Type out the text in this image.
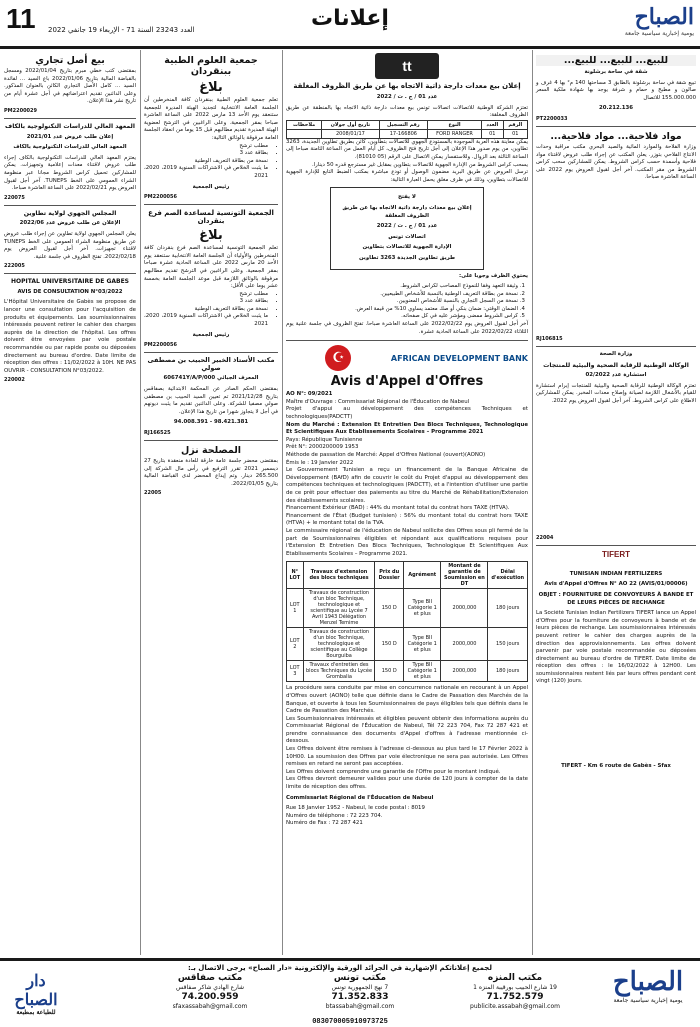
11 العدد 23243 السنة 71 - الإربعاء 19 جانفي 2022	إعلانات	الصباح
يومية إخبارية سياسية جامعة
للبيع... للبيع... للبيع...
شقة في ساحة برشلونة
تبيع شقة في ساحة برشلونة بالطابق 3 مساحتها 140 م² بها 4 غرف و صالون و مطبخ و حمام و شرفة يوجد بها شهادة ملكية السعر 155.000.000 للاتصال
20.212.136
PT2200033
مواد فلاحية... مواد فلاحية...
وزارة الفلاحة والموارد المائية والصيد البحري مكتب مراقبة وحدات الانتاج الفلاحي بتوزر. يعلن المكتب عن إجراء طلب عروض لاقتناء مواد فلاحية وأسمدة حسب كراس الشروط. يمكن للمشاركين سحب كراس الشروط من مقر المكتب. آخر أجل لقبول العروض يوم 2022 على الساعة العاشرة صباحا.
RJ106815
وزارة الصحة
الوكالة الوطنية للرقابة الصحية والبيئية للمنتجات
استشارة عدد 02/2022
تعتزم الوكالة الوطنية للرقابة الصحية والبيئية للمنتجات إبرام استشارة للقيام بالأشغال اللازمة لصيانة وإصلاح معدات المخبر. يمكن للمشاركين الاطلاع على كراس الشروط. آخر أجل لقبول العروض يوم 2022.
22004
TIFERT
TUNISIAN INDIAN FERTILIZERS
Avis d'Appel d'Offres N° AO 22 (AVIS/01/00006)
OBJET : FOURNITURE DE CONVOYEURS À BANDE ET DE LEURS PIÈCES DE RECHANGE
La Société Tunisian Indian Fertilizers TIFERT lance un Appel d'Offres pour la fourniture de convoyeurs à bande et de leurs pièces de rechange. Les soumissionnaires intéressés peuvent retirer le cahier des charges auprès de la direction des approvisionnements. Les offres doivent parvenir par voie postale recommandée ou déposées directement au bureau d'ordre de TIFERT. Date limite de réception des offres : le 16/02/2022 à 12H00. Les soumissionnaires restent liés par leurs offres pendant cent vingt (120) jours.
TIFERT - Km 6 route de Gabès - Sfax
tt
إعلان بيع معدات دارجة ذاتية الاتجاه بها عن طريق الظروف المغلقة
عدد 01 / ج . ت / 2022
تعتزم الشركة الوطنية للاتصالات اتصالات تونس بيع معدات دارجة ذاتية الاتجاه بها بالمنطقة عن طريق الظروف المغلقة:
الرقم	العدد	النوع	رقم التسجيل	تاريخ أول جولان	ملاحظات
01	01	FORD RANGER	17-166806	2008/01/17	
يمكن معاينة هذه العربة الموجودة بالمستودع الجهوي للاتصالات بتطاوين، كائن بطريق تطاوين الجديدة، 3263 تطاوين، من يوم صدور هذا الإعلان إلى أجل تاريخ فتح الظروف، كل أيام العمل من الساعة الثامنة صباحا إلى الساعة الثالثة بعد الزوال. وللاستفسار يمكن الاتصال على الرقم (05 81010).
يسحب كراس الشروط من الإدارة الجهوية للاتصالات بتطاوين بمقابل غير مسترجع قدره 50 دينارا.
ترسل العروض عن طريق البريد مضمون الوصول أو تودع مباشرة بمكتب الضبط التابع للإدارة الجهوية للاتصالات بتطاوين، وذلك في ظرف مغلق يحمل العبارة التالية:
لا يفتح
إعلان بيع معدات دارجة ذاتية الاتجاه بها عن طريق الظروف المغلقة
عدد 01 / ج . ت / 2022
اتصالات تونس
الإدارة الجهوية للاتصالات بتطاوين
طريق تطاوين الجديدة 3263 تطاوين
يحتوي الظرف وجوبا على:
1. وثيقة التعهد وفقا للنموذج المصاحب لكراس الشروط.
2. نسخة من بطاقة التعريف الوطنية بالنسبة للأشخاص الطبيعيين.
3. نسخة من السجل التجاري بالنسبة للأشخاص المعنويين.
4. الضمان الوقتي: ضمان بنكي أو صك معتمد يساوي 10% من قيمة العرض.
5. كراس الشروط ممضى ومؤشر عليه في كل صفحاته.
آخر أجل لقبول العروض يوم 2022/02/22 على الساعة العاشرة صباحا. تفتح الظروف في جلسة علنية يوم الثلاثاء 2022/02/22 على الساعة الحادية عشرة.
☪	AFRICAN DEVELOPMENT BANK
Avis d'Appel d'Offres
AO N°: 09/2021
Maître d'Ouvrage : Commissariat Régional de l'Éducation de Nabeul
Projet d'appui au développement des compétences Techniques et technologiques(PADCTT)
Nom du Marché : Extension Et Entretien Des Blocs Techniques, Technologique Et Scientifiques Aux Etablissements Scolaires – Programme 2021
Pays: République Tunisienne
Prêt N°: 2000200009 1953
Méthode de passation de Marché: Appel d'Offres National (ouvert)(AONO)
Émis le : 19 Janvier 2022
Le Gouvernement Tunisien a reçu un financement de la Banque Africaine de Développement (BAfD) afin de couvrir le coût du Projet d'appui au développement des compétences techniques et technologiques (PADCTT), et a l'intention d'utiliser une partie de ce prêt pour effectuer des paiements au titre du Marché de Réhabilitation/Extension des établissements scolaires.
Financement Extérieur (BAD) : 44% du montant total du contrat hors TAXE (HTVA).
Financement de l'État (Budget tunisien) : 56% du montant total du contrat hors TAXE (HTVA) + le montant total de la TVA.
Le commissaire régional de l'éducation de Nabeul sollicite des Offres sous pli fermé de la part de Soumissionnaires éligibles et répondant aux qualifications requises pour l'Extension Et Entretien Des Blocs Techniques, Technologique Et Scientifiques Aux Etablissements Scolaires – Programme 2021.
N° LOT	Travaux d'extension des blocs techniques	Prix du Dossier	Agrément	Montant de garantie de Soumission en DT	Délai d'exécution
LOT 1	Travaux de construction d'un bloc Technique, technologique et scientifique au Lycée 7 Avril 1943 Délégation Menzel Temime	150 D	Type BII Catégorie 1 et plus	2000,000	180 jours
LOT 2	Travaux de construction d'un bloc Technique, technologique et scientifique au Collège Bourguiba	150 D	Type BII Catégorie 1 et plus	2000,000	150 jours
LOT 3	Travaux d'entretien des blocs Techniques du Lycée Grombalia	150 D	Type BII Catégorie 1 et plus	2000,000	180 jours
La procédure sera conduite par mise en concurrence nationale en recourant à un Appel d'Offres ouvert (AONO) telle que définie dans le Cadre de Passation des Marchés de la Banque, et ouverte à tous les Soumissionnaires de pays éligibles tels que définis dans le Cadre de Passation des Marchés.
Les Soumissionnaires intéressés et éligibles peuvent obtenir des informations auprès du Commissariat Régional de l'Éducation de Nabeul, Tél 72 223 704, Fax 72 287 421 et prendre connaissance des documents d'Appel d'offres à l'adresse mentionnée ci-dessous.
Les Offres doivent être remises à l'adresse ci-dessous au plus tard le 17 Février 2022 à 10H00. La soumission des Offres par voie électronique ne sera pas autorisée. Les Offres remises en retard ne seront pas acceptées.
Les Offres doivent comprendre une garantie de l'Offre pour le montant indiqué.
Les Offres devront demeurer valides pour une durée de 120 jours à compter de la date limite de réception des offres.
Commissariat Régional de l'Éducation de Nabeul
Rue 18 Janvier 1952 - Nabeul, le code postal : 8019
Numéro de téléphone : 72 223 704.
Numéro de Fax : 72 287 421
جمعية العلوم الطبية ببنقردان
بلاغ
تعلم جمعية العلوم الطبية ببنقردان كافة المنخرطين أن الجلسة العامة الانتخابية لتجديد الهيئة المديرة للجمعية ستنعقد يوم الأحد 13 مارس 2022 على الساعة العاشرة صباحا بمقر الجمعية. وعلى الراغبين في الترشح لعضوية الهيئة المديرة تقديم مطالبهم قبل 15 يوما من انعقاد الجلسة العامة مرفوقة بالوثائق التالية:
• مطلب ترشح
• بطاقة عدد 3
• نسخة من بطاقة التعريف الوطنية
• ما يثبت الخلاص في الاشتراكات السنوية 2019، 2020، 2021
رئيس الجمعية
PM2200056
الجمعية التونسية لمساعدة الصم فرع بنقردان
بلاغ
تعلم الجمعية التونسية لمساعدة الصم فرع بنقردان كافة المنخرطين والأولياء أن الجلسة العامة الانتخابية ستنعقد يوم الأحد 20 مارس 2022 على الساعة الحادية عشرة صباحا بمقر الجمعية. وعلى الراغبين في الترشح تقديم مطالبهم مرفوقة بالوثائق اللازمة قبل موعد الجلسة العامة بخمسة عشر يوما على الأقل:
• مطلب ترشح
• بطاقة عدد 3
• نسخة من بطاقة التعريف الوطنية
• ما يثبت الخلاص في الاشتراكات السنوية 2019، 2020، 2021
رئيس الجمعية
PM2200056
مكتب الأستاذ الخبير الحبيب بن مصطفى صولي
المعرف الجبائي 606741Y/A/P/000
بمقتضى الحكم الصادر عن المحكمة الابتدائية بصفاقس بتاريخ 2021/12/28 تم تعيين السيد الحبيب بن مصطفى صولي مصفيا للشركة. وعلى الدائنين تقديم ما يثبت ديونهم في أجل لا يتجاوز شهرا من تاريخ هذا الإعلان.
98.421.381 - 94.008.391
RJ166525
المصلحة نزل
بمقتضى محضر جلسة عامة خارقة للعادة منعقدة بتاريخ 27 ديسمبر 2021 تقرر الترفيع في رأس مال الشركة إلى 265.500 دينار. وتم إيداع المحضر لدى القباضة المالية بتاريخ 2022/01/05.
22005
بيع أصل تجاري
بمقتضى كتب خطي مبرم بتاريخ 2022/01/04 ومسجل بالقباضة المالية بتاريخ 2022/01/06 باع السيد ... لفائدة السيد ... كامل الأصل التجاري الكائن بالعنوان المذكور. وعلى الدائنين تقديم اعتراضاتهم في أجل عشرة أيام من تاريخ نشر هذا الإعلان.
PM2200029
المعهد العالي للدراسات التكنولوجية بالكاف
إعلان طلب عروض عدد 2021/01
المعهد العالي للدراسات التكنولوجية بالكاف
يعتزم المعهد العالي للدراسات التكنولوجية بالكاف إجراء طلب عروض لاقتناء معدات إعلامية وتجهيزات. يمكن للمشاركين تحميل كراس الشروط مجانا عبر منظومة الشراء العمومي على الخط TUNEPS. آخر أجل لقبول العروض يوم 2022/02/21 على الساعة العاشرة صباحا.
220075
المجلس الجهوي لولاية تطاوين
الإعلان عن طلب عروض عدد 2022/06
يعلن المجلس الجهوي لولاية تطاوين عن إجراء طلب عروض عن طريق منظومة الشراء العمومي على الخط TUNEPS لاقتناء تجهيزات. آخر أجل لقبول العروض يوم 2022/02/18. تفتح الظروف في جلسة علنية.
222005
HOPITAL UNIVERSITAIRE DE GABES
AVIS DE CONSULTATION N°03/2022
L'Hôpital Universitaire de Gabès se propose de lancer une consultation pour l'acquisition de produits et équipements. Les soumissionnaires intéressés peuvent retirer le cahier des charges auprès de la direction de l'hôpital. Les offres doivent être envoyées par voie postale recommandée ou par rapide poste ou déposées directement au bureau d'ordre. Date limite de réception des offres : 11/02/2022 à 10H. NE PAS OUVRIR - CONSULTATION N°03/2022.
220002
لجميع إعلاناتكم الإشهارية في الجرائد الورقية والإلكترونية «دار الصباح» يرجى الاتصال بـ:	الصباح
يومية إخبارية سياسية جامعة
مكتب المنزه
19 شارع الحبيب بورقيبة المنزه 1
71.752.579
publicite.assabah@gmail.com
مكتب تونس
7 نهج الجمهورية تونس
71.352.833
btassabah@gmail.com
مكتب صفاقس
شارع الهادي شاكر صفاقس
74.200.959
sfaxassabah@gmail.com
083070005910973725
دار الصباح
للطباعة بمطبعة
